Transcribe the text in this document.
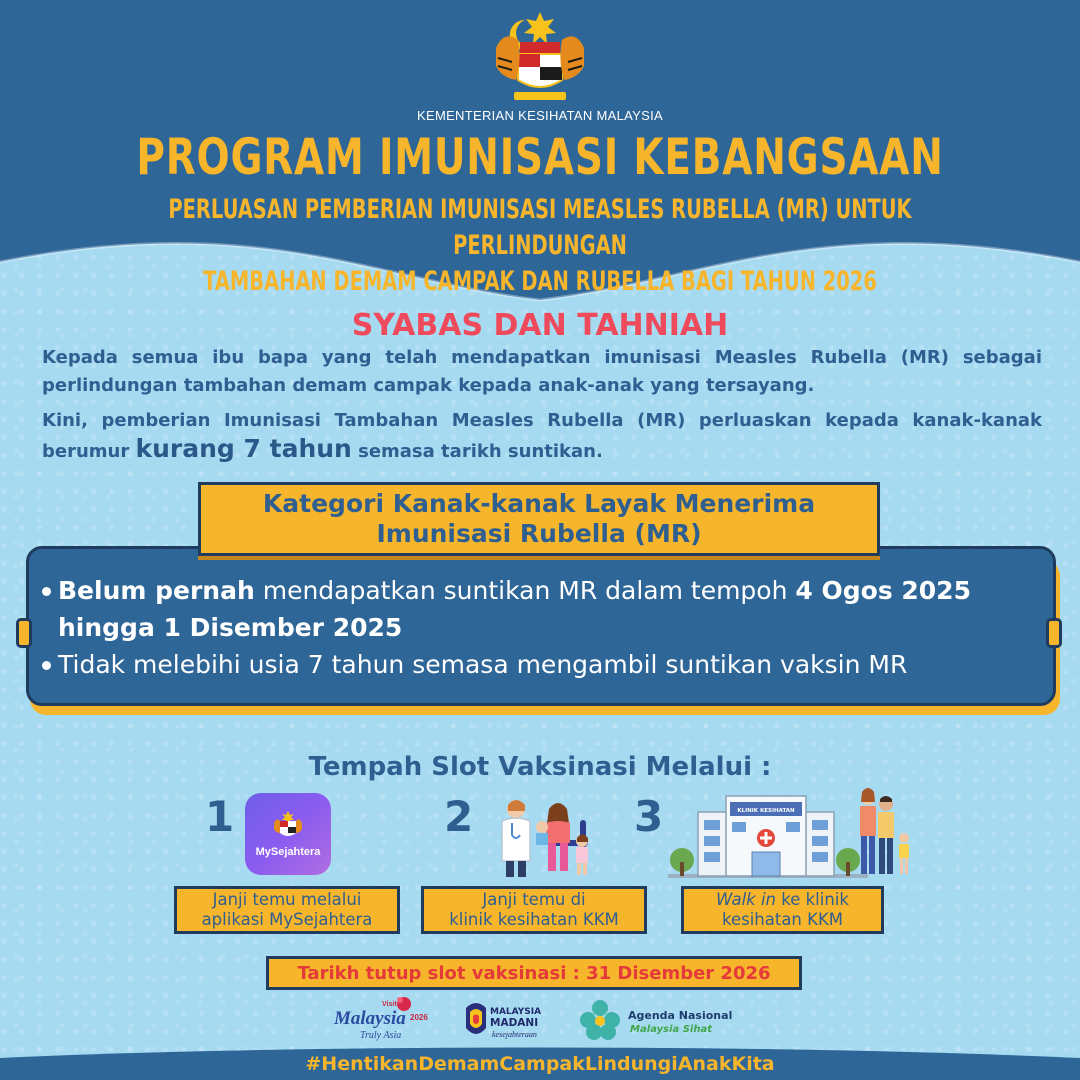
KEMENTERIAN KESIHATAN MALAYSIA
PROGRAM IMUNISASI KEBANGSAAN
PERLUASAN PEMBERIAN IMUNISASI MEASLES RUBELLA (MR) UNTUK PERLINDUNGAN
TAMBAHAN DEMAM CAMPAK DAN RUBELLA BAGI TAHUN 2026
SYABAS DAN TAHNIAH
Kepada semua ibu bapa yang telah mendapatkan imunisasi Measles Rubella (MR) sebagai perlindungan tambahan demam campak kepada anak-anak yang tersayang.
Kini, pemberian Imunisasi Tambahan Measles Rubella (MR) perluaskan kepada kanak-kanak berumur kurang 7 tahun semasa tarikh suntikan.
Kategori Kanak-kanak Layak Menerima
Imunisasi Rubella (MR)
Belum pernah mendapatkan suntikan MR dalam tempoh 4 Ogos 2025 hingga 1 Disember 2025
Tidak melebihi usia 7 tahun semasa mengambil suntikan vaksin MR
Tempah Slot Vaksinasi Melalui :
1	2	3
MySejahtera
KLINIK KESIHATAN
Janji temu melalui
aplikasi MySejahtera
Janji temu di
klinik kesihatan KKM
Walk in ke klinik
kesihatan KKM
Tarikh tutup slot vaksinasi : 31 Disember 2026
Visit
Malaysia 2026
Truly Asia
MALAYSIA
MADANI
kesejahteraan
Agenda Nasional
Malaysia Sihat
#HentikanDemamCampakLindungiAnakKita
